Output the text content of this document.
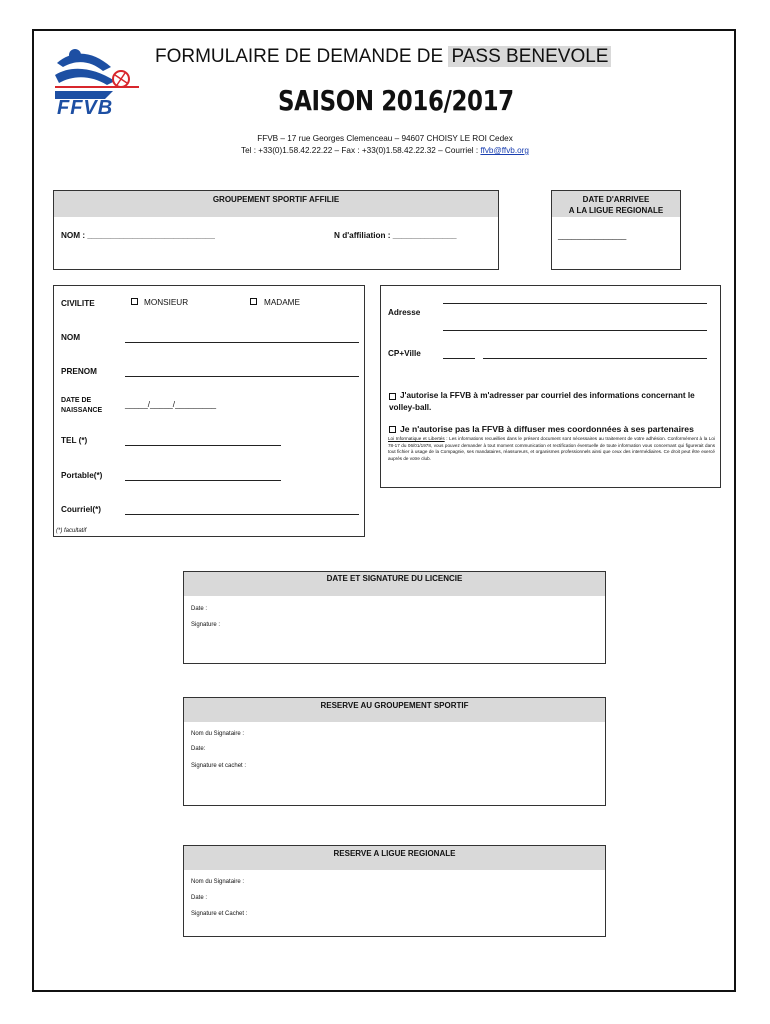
FFVB
FORMULAIRE DE DEMANDE DE PASS BENEVOLE
SAISON 2016/2017
FFVB – 17 rue Georges Clemenceau – 94607 CHOISY LE ROI Cedex
Tel : +33(0)1.58.42.22.22 – Fax : +33(0)1.58.42.22.32 – Courriel : ffvb@ffvb.org
GROUPEMENT SPORTIF AFFILIE
NOM : ____________________________	N d'affiliation : ______________
DATE D'ARRIVEE
A LA LIGUE REGIONALE
_______________
CIVILITE	MONSIEUR	MADAME
NOM
PRENOM
DATE DE
NAISSANCE
_____/_____/_________
TEL (*)
Portable(*)
Courriel(*)
(*) facultatif
Adresse
CP+Ville
J'autorise la FFVB à m'adresser par courriel des informations concernant le volley-ball.
Je n'autorise pas la FFVB à diffuser mes coordonnées à ses partenaires
Loi Informatique et Libertés : Les informations recueillies dans le présent document sont nécessaires au traitement de votre adhésion. Conformément à la Loi 78-17 du 06/01/1978, vous pouvez demander à tout moment communication et rectification éventuelle de toute information vous concernant qui figurerait dans tout fichier à usage de la Compagnie, ses mandataires, réassureurs, et organismes professionnels ainsi que ceux des intermédiaires. Ce droit peut être exercé auprès de votre club.
DATE ET SIGNATURE DU LICENCIE
Date :
Signature :
RESERVE AU GROUPEMENT SPORTIF
Nom du Signataire :
Date:
Signature et cachet :
RESERVE A LIGUE REGIONALE
Nom du Signataire :
Date :
Signature et Cachet :
